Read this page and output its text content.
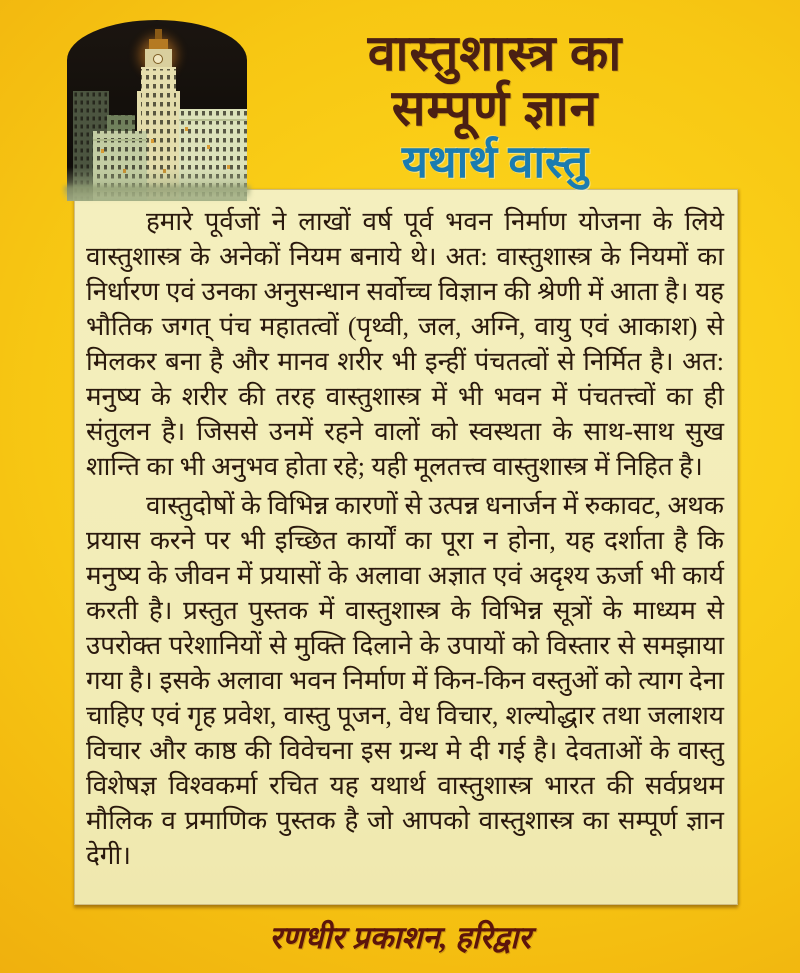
वास्तुशास्त्र का
सम्पूर्ण ज्ञान
यथार्थ वास्तु

हमारे पूर्वजों ने लाखों वर्ष पूर्व भवन निर्माण योजना के लिये वास्तुशास्त्र के अनेकों नियम बनाये थे। अत: वास्तुशास्त्र के नियमों का निर्धारण एवं उनका अनुसन्धान सर्वोच्च विज्ञान की श्रेणी में आता है। यह भौतिक जगत् पंच महातत्वों (पृथ्वी, जल, अग्नि, वायु एवं आकाश) से मिलकर बना है और मानव शरीर भी इन्हीं पंचतत्वों से निर्मित है। अत: मनुष्य के शरीर की तरह वास्तुशास्त्र में भी भवन में पंचतत्त्वों का ही संतुलन है। जिससे उनमें रहने वालों को स्वस्थता के साथ-साथ सुख शान्ति का भी अनुभव होता रहे; यही मूलतत्त्व वास्तुशास्त्र में निहित है।

वास्तुदोषों के विभिन्न कारणों से उत्पन्न धनार्जन में रुकावट, अथक प्रयास करने पर भी इच्छित कार्यों का पूरा न होना, यह दर्शाता है कि मनुष्य के जीवन में प्रयासों के अलावा अज्ञात एवं अदृश्य ऊर्जा भी कार्य करती है। प्रस्तुत पुस्तक में वास्तुशास्त्र के विभिन्न सूत्रों के माध्यम से उपरोक्त परेशानियों से मुक्ति दिलाने के उपायों को विस्तार से समझाया गया है। इसके अलावा भवन निर्माण में किन-किन वस्तुओं को त्याग देना चाहिए एवं गृह प्रवेश, वास्तु पूजन, वेध विचार, शल्योद्धार तथा जलाशय विचार और काष्ठ की विवेचना इस ग्रन्थ मे दी गई है। देवताओं के वास्तु विशेषज्ञ विश्वकर्मा रचित यह यथार्थ वास्तुशास्त्र भारत की सर्वप्रथम मौलिक व प्रमाणिक पुस्तक है जो आपको वास्तुशास्त्र का सम्पूर्ण ज्ञान देगी।

रणधीर प्रकाशन, हरिद्वार
